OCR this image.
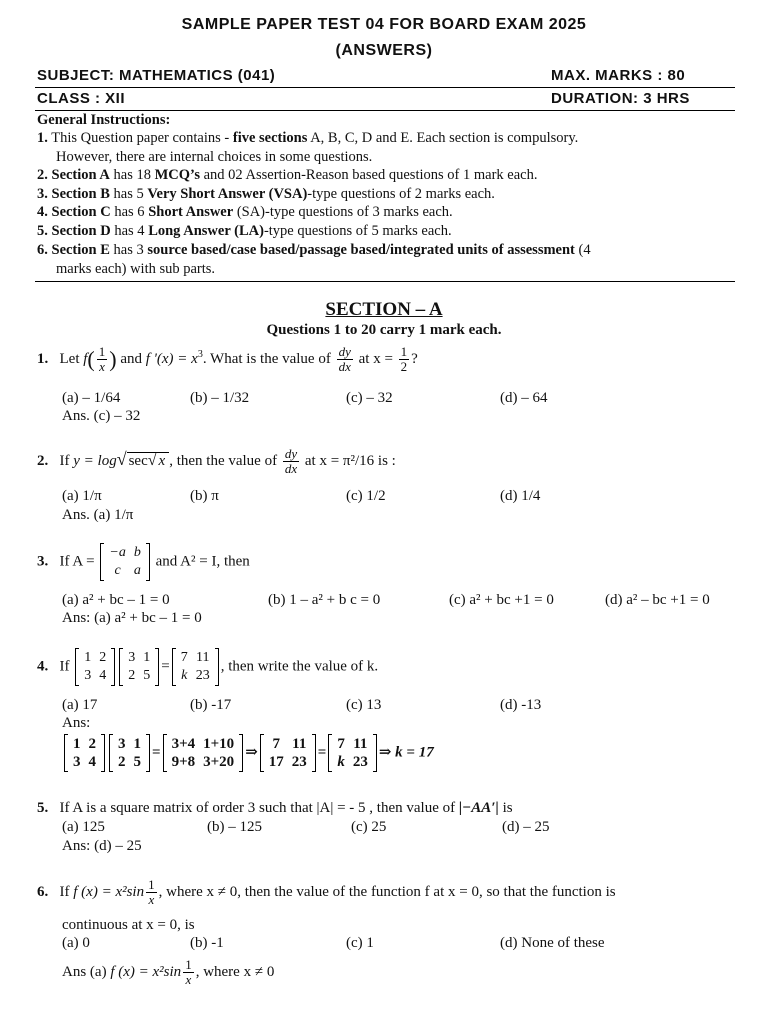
SAMPLE PAPER TEST 04 FOR BOARD EXAM 2025
(ANSWERS)
SUBJECT: MATHEMATICS (041)	MAX. MARKS : 80
CLASS : XII	DURATION: 3 HRS
General Instructions:
1. This Question paper contains - five sections A, B, C, D and E. Each section is compulsory.
However, there are internal choices in some questions.
2. Section A has 18 MCQ’s and 02 Assertion-Reason based questions of 1 mark each.
3. Section B has 5 Very Short Answer (VSA)-type questions of 2 marks each.
4. Section C has 6 Short Answer (SA)-type questions of 3 marks each.
5. Section D has 4 Long Answer (LA)-type questions of 5 marks each.
6. Section E has 3 source based/case based/passage based/integrated units of assessment (4
marks each) with sub parts.
SECTION – A
Questions 1 to 20 carry 1 mark each.
1. Let $f( \frac{1}{x}$ ) and f '$(x) = x^3$. What is the value of $\frac{dy}{dx}$ at $x = \frac{1}{2}$ ?
(a) – 1/64	(b) – 1/32	(c) – 32	(d) – 64
Ans. (c) – 32
2. If y = log√ sec√ x , then the value of $\frac{dy}{dx}$ at x = π²/16 is :
(a) 1/π	(b) π	(c) 1/2	(d) 1/4
Ans. (a) 1/π
3. If A =
−a	b
c	a
and A² = I, then
(a) a² + bc – 1 = 0	(b) 1 – a² + b c = 0	(c) a² + bc +1 = 0	(d) a² – bc +1 = 0
Ans: (a) a² + bc – 1 = 0
4. If
1	2
3	4
3	1
2	5
=
7	11
k	23
, then write the value of k.
(a) 17	(b) -17	(c) 13	(d) -13
Ans:
1	2
3	4
3	1
2	5
=
3+4	1+10
9+8	3+20
⇒
7	11
17	23
=
7	11
k	23
⇒ k = 17
5. If A is a square matrix of order 3 such that |A| = - 5 , then value of |−AA′| is
(a) 125	(b) – 125	(c) 25	(d) – 25
Ans: (d) – 25
6. If f $(x) = x^2\sin \frac{1}{x}$ , where x ≠ 0, then the value of the function f at x = 0, so that the function is
continuous at x = 0, is
(a) 0	(b) -1	(c) 1	(d) None of these
Ans (a) f $(x) = x^2\sin \frac{1}{x}$ , where x ≠ 0
